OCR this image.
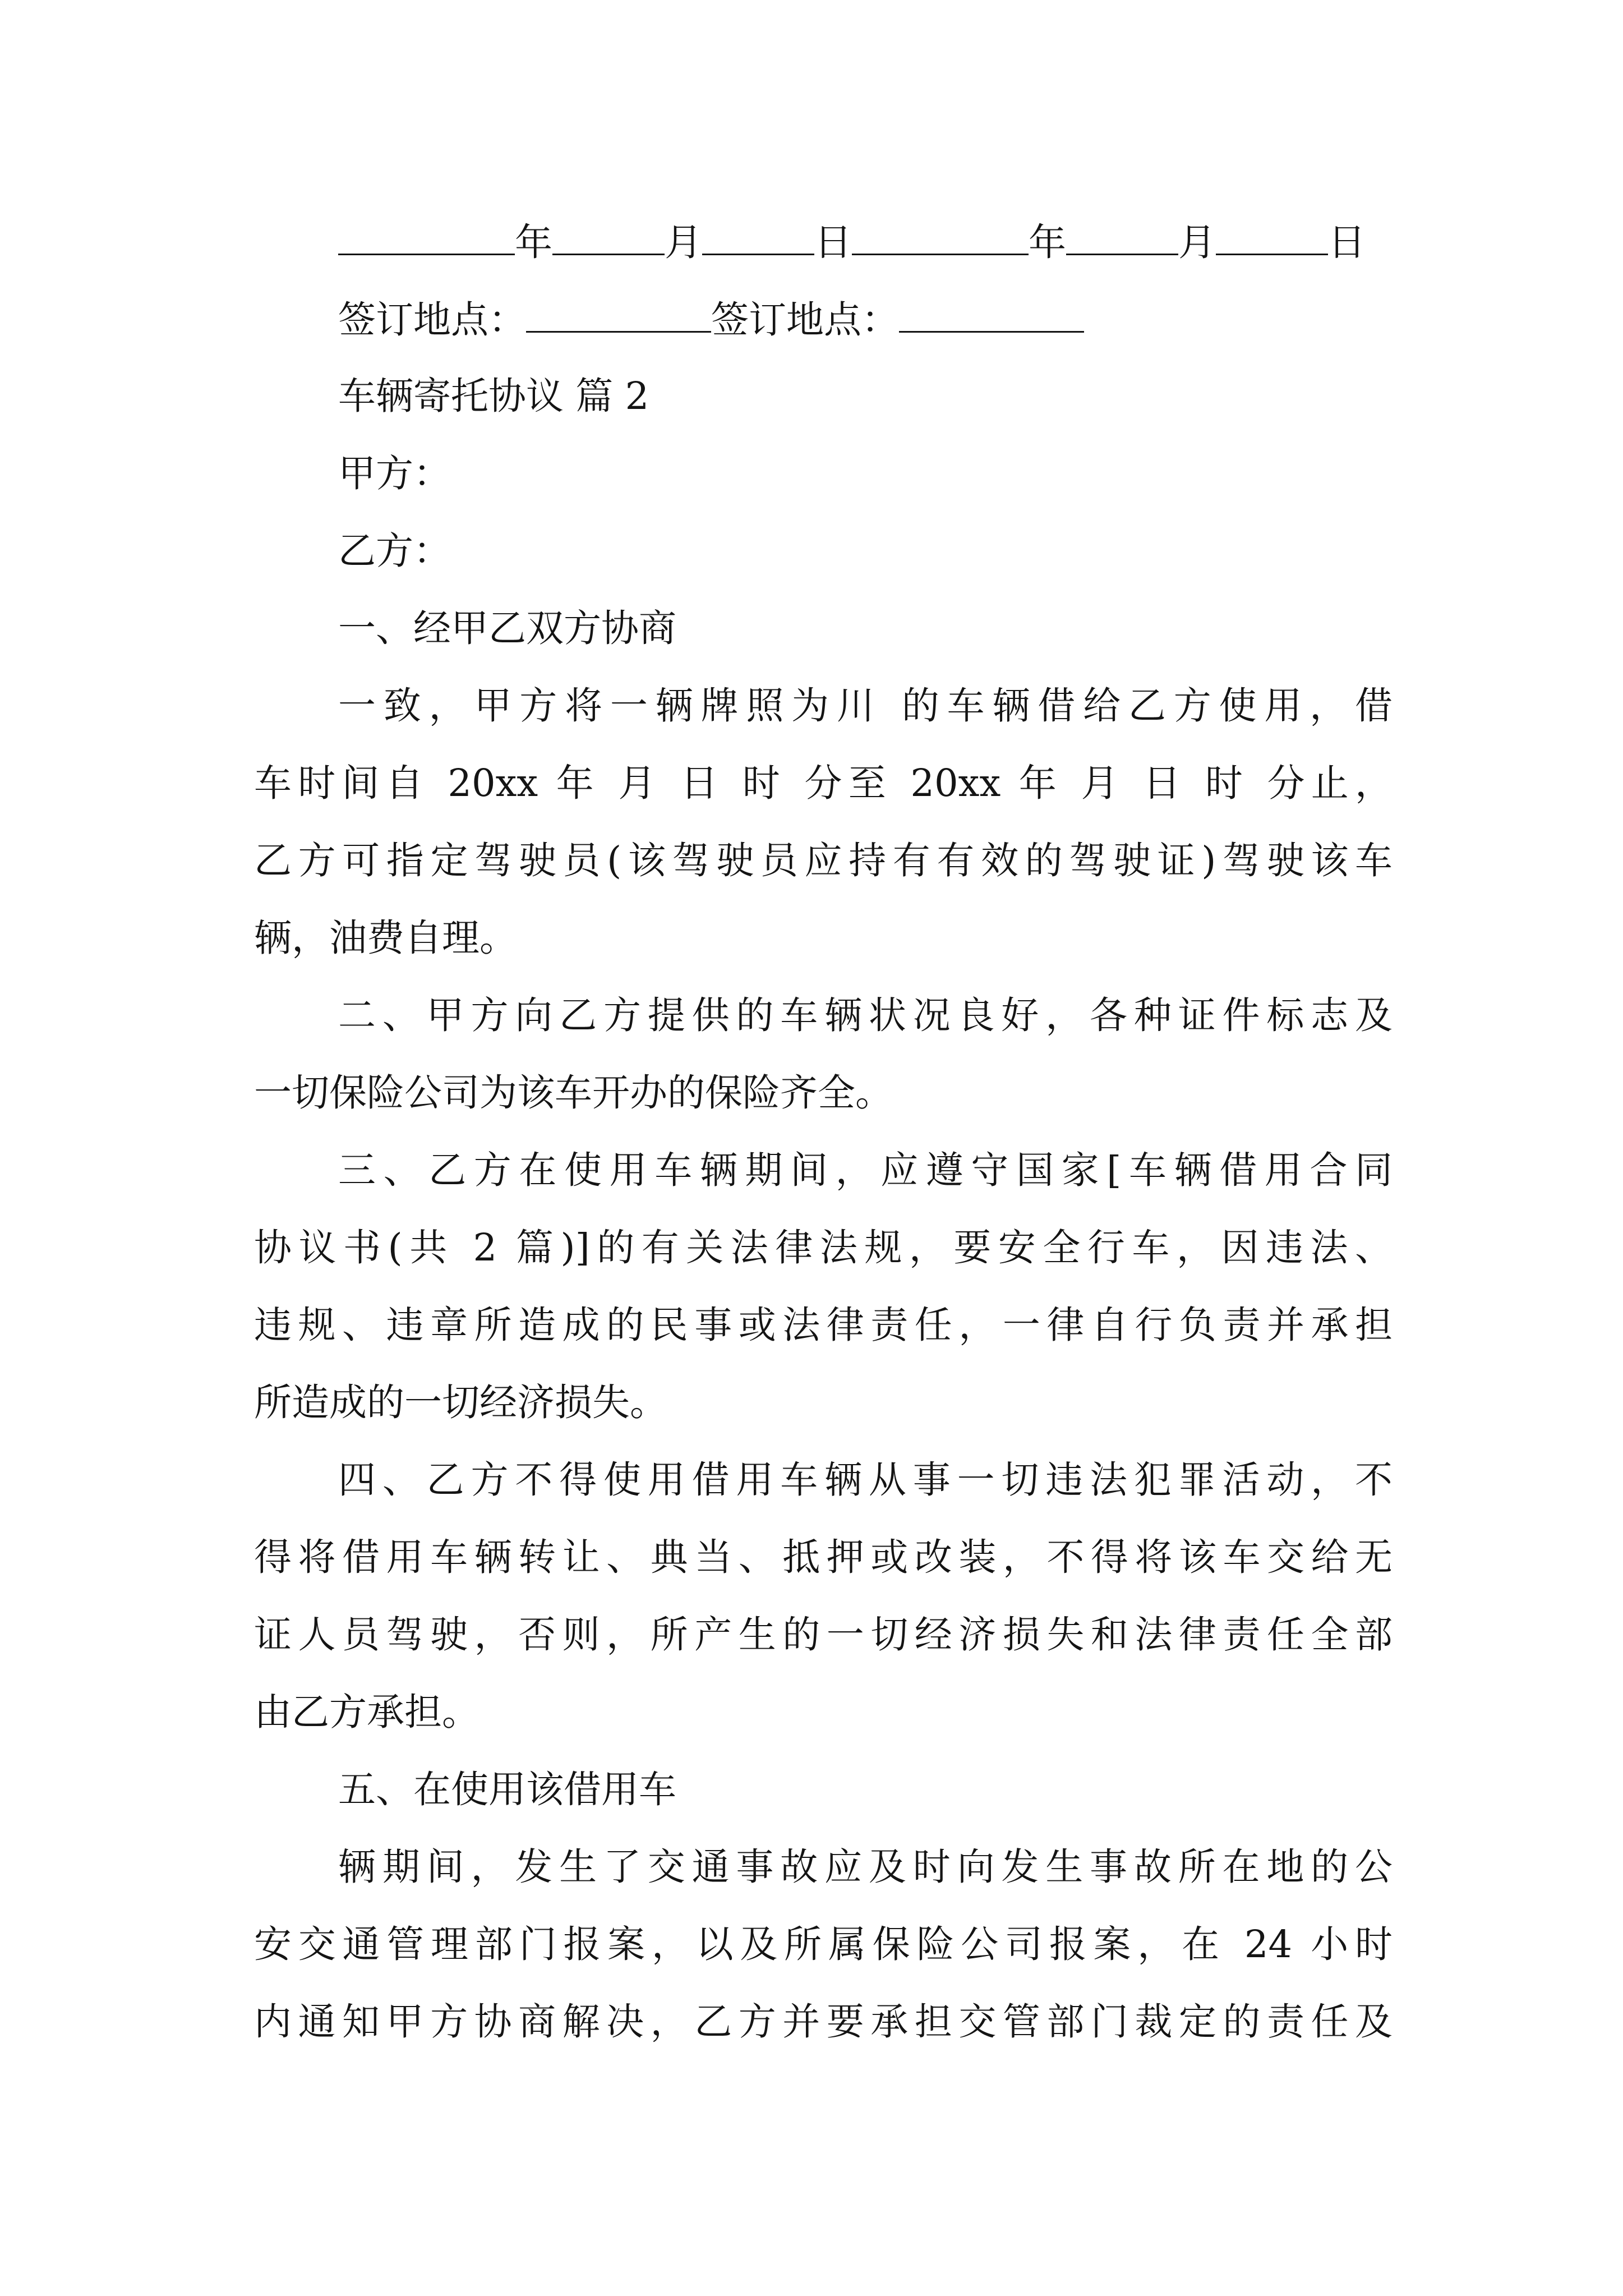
年	月	日	年	月	日
签订地点：	签订地点：
车辆寄托协议 篇 2
甲方：
乙方：
一、经甲乙双方协商
一致，甲方将一辆牌照为川 的车辆借给乙方使用，借
车时间自 20xx 年 月 日 时 分至 20xx 年 月 日 时 分止，
乙方可指定驾驶员(该驾驶员应持有有效的驾驶证)驾驶该车
辆，油费自理。
二、甲方向乙方提供的车辆状况良好，各种证件标志及
一切保险公司为该车开办的保险齐全。
三、乙方在使用车辆期间，应遵守国家[车辆借用合同
协议书(共 2 篇)]的有关法律法规，要安全行车，因违法、
违规、违章所造成的民事或法律责任，一律自行负责并承担
所造成的一切经济损失。
四、乙方不得使用借用车辆从事一切违法犯罪活动，不
得将借用车辆转让、典当、抵押或改装，不得将该车交给无
证人员驾驶，否则，所产生的一切经济损失和法律责任全部
由乙方承担。
五、在使用该借用车
辆期间，发生了交通事故应及时向发生事故所在地的公
安交通管理部门报案，以及所属保险公司报案，在 24 小时
内通知甲方协商解决，乙方并要承担交管部门裁定的责任及
